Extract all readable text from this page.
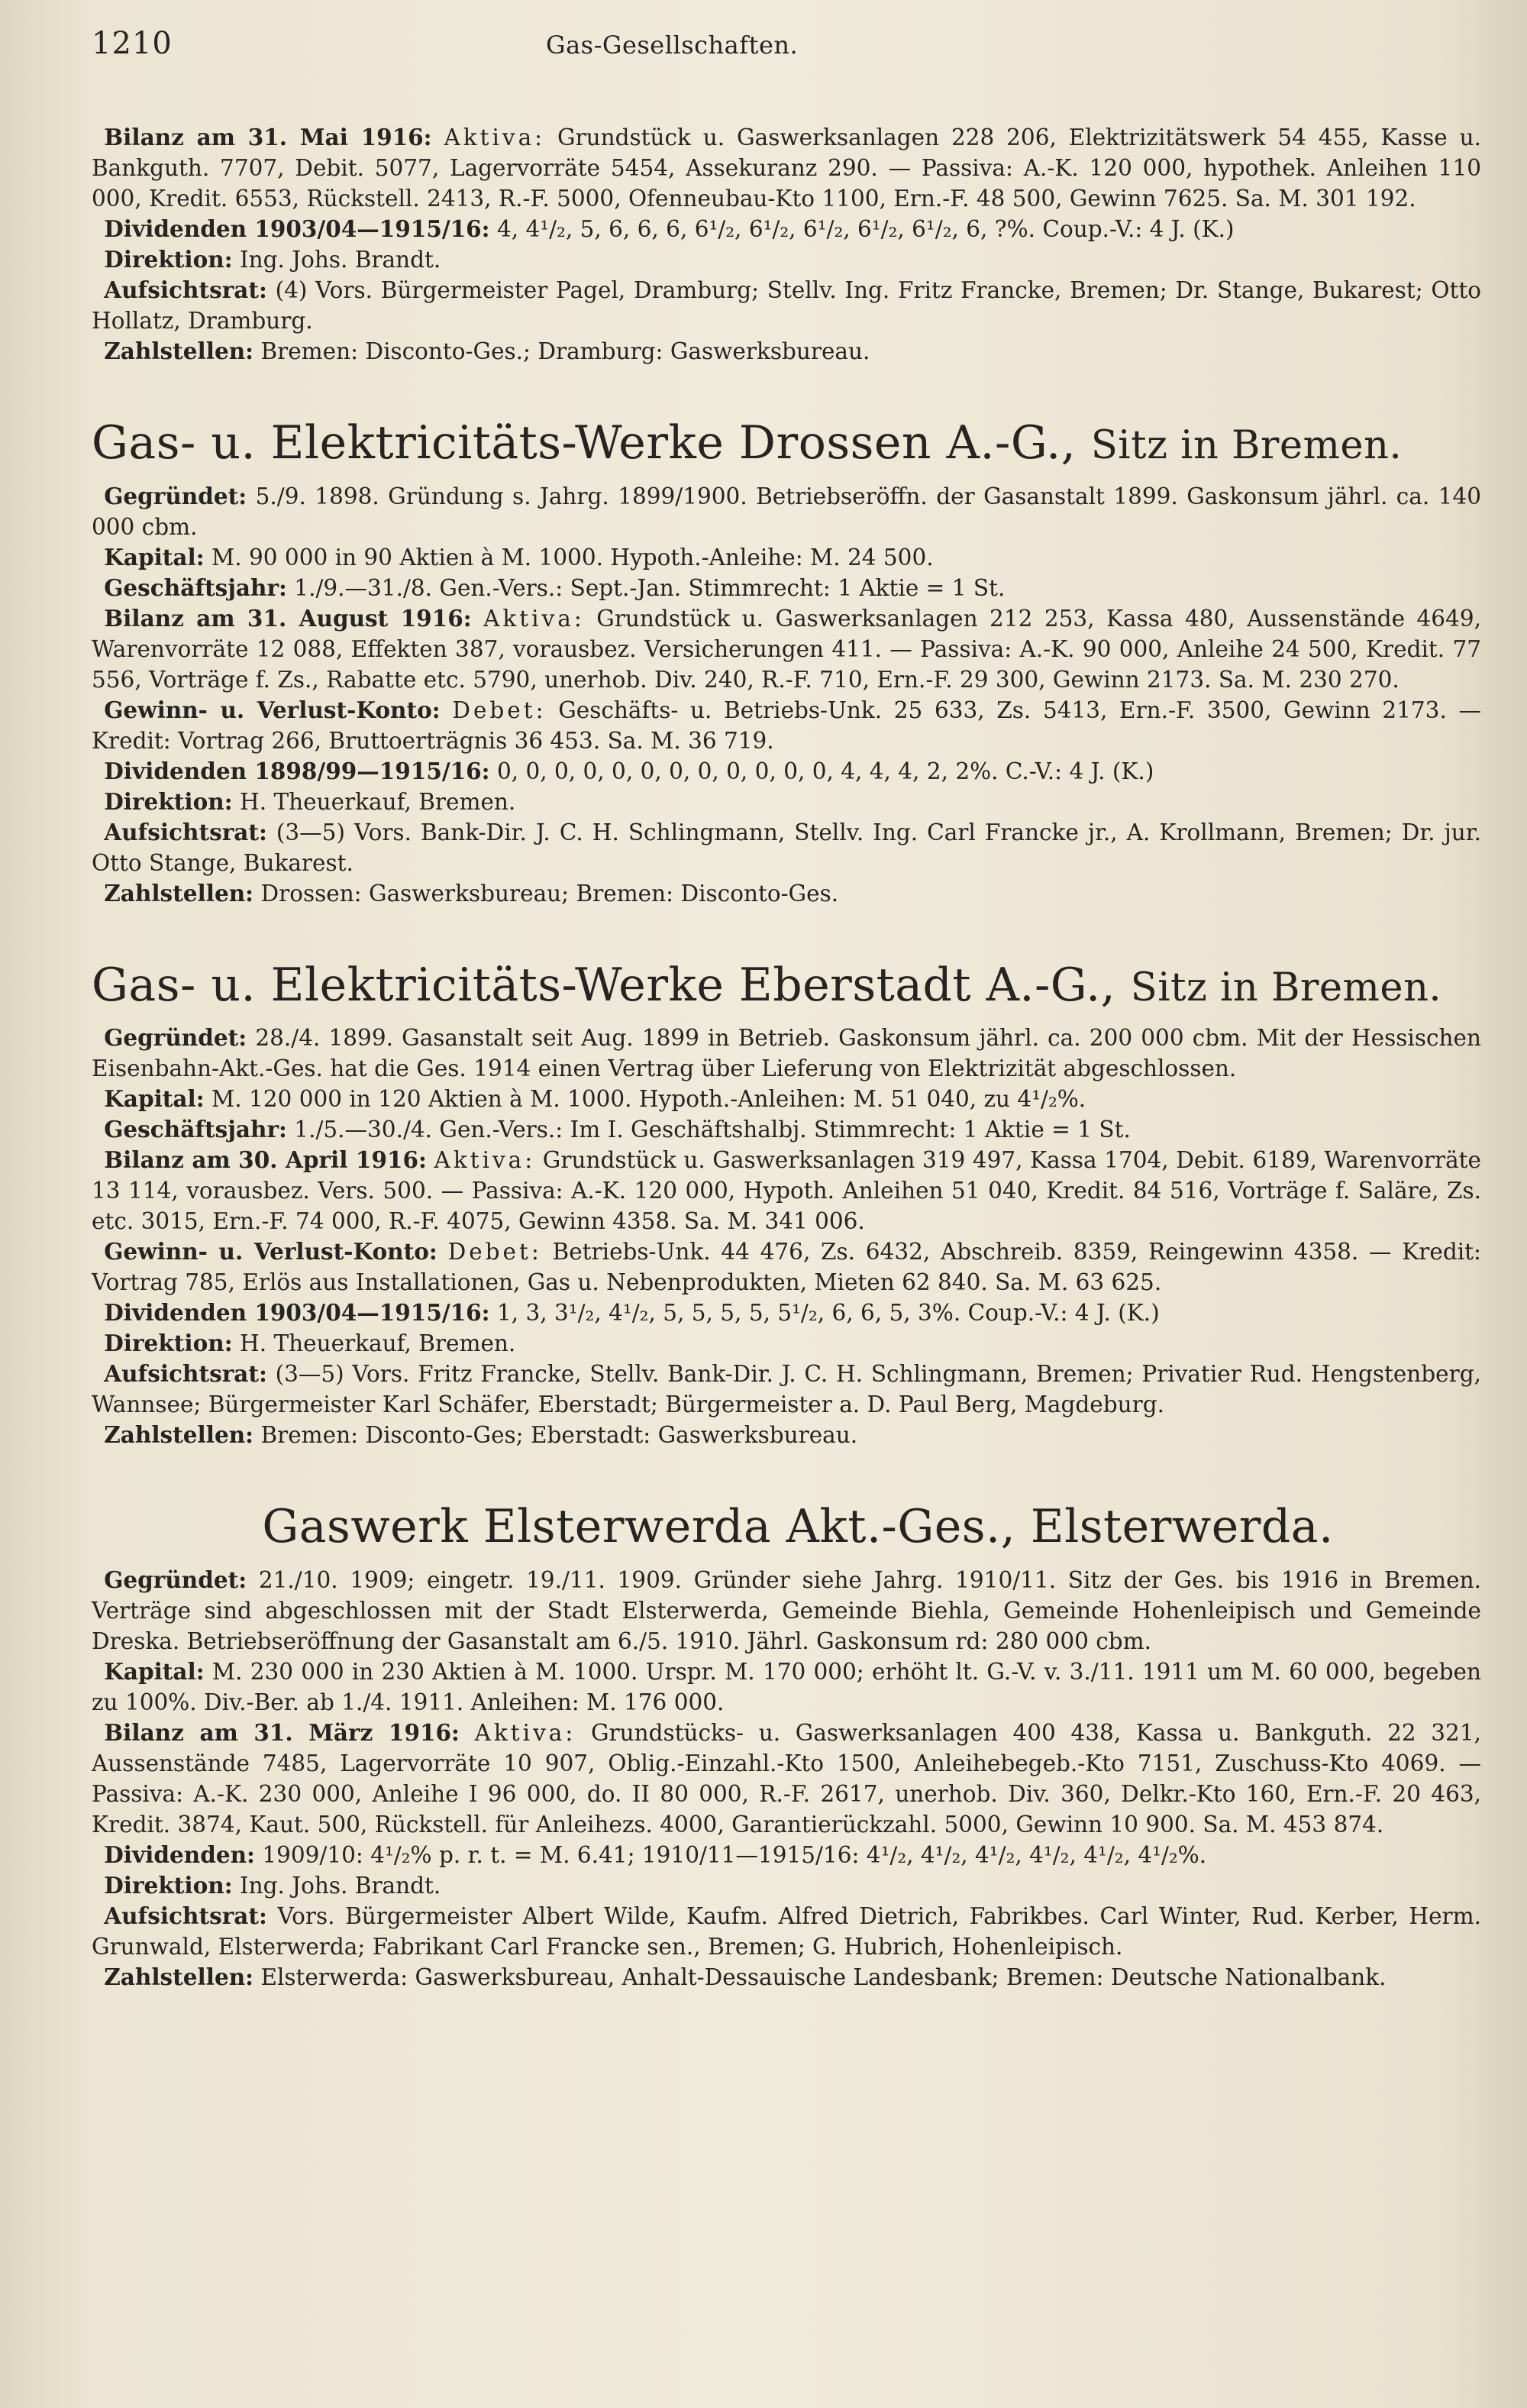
1210	Gas-Gesellschaften.

Bilanz am 31. Mai 1916: Aktiva: Grundstück u. Gaswerksanlagen 228 206, Elektrizitätswerk 54 455, Kasse u. Bankguth. 7707, Debit. 5077, Lagervorräte 5454, Assekuranz 290. — Passiva: A.-K. 120 000, hypothek. Anleihen 110 000, Kredit. 6553, Rückstell. 2413, R.-F. 5000, Ofenneubau-Kto 1100, Ern.-F. 48 500, Gewinn 7625. Sa. M. 301 192.

Dividenden 1903/04—1915/16: 4, 4¹/₂, 5, 6, 6, 6, 6¹/₂, 6¹/₂, 6¹/₂, 6¹/₂, 6¹/₂, 6, ?%. Coup.-V.: 4 J. (K.)

Direktion: Ing. Johs. Brandt.

Aufsichtsrat: (4) Vors. Bürgermeister Pagel, Dramburg; Stellv. Ing. Fritz Francke, Bremen; Dr. Stange, Bukarest; Otto Hollatz, Dramburg.

Zahlstellen: Bremen: Disconto-Ges.; Dramburg: Gaswerksbureau.

Gas- u. Elektricitäts-Werke Drossen A.-G., Sitz in Bremen.

Gegründet: 5./9. 1898. Gründung s. Jahrg. 1899/1900. Betriebseröffn. der Gasanstalt 1899. Gaskonsum jährl. ca. 140 000 cbm.

Kapital: M. 90 000 in 90 Aktien à M. 1000. Hypoth.-Anleihe: M. 24 500.

Geschäftsjahr: 1./9.—31./8. Gen.-Vers.: Sept.-Jan. Stimmrecht: 1 Aktie = 1 St.

Bilanz am 31. August 1916: Aktiva: Grundstück u. Gaswerksanlagen 212 253, Kassa 480, Aussenstände 4649, Warenvorräte 12 088, Effekten 387, vorausbez. Versicherungen 411. — Passiva: A.-K. 90 000, Anleihe 24 500, Kredit. 77 556, Vorträge f. Zs., Rabatte etc. 5790, unerhob. Div. 240, R.-F. 710, Ern.-F. 29 300, Gewinn 2173. Sa. M. 230 270.

Gewinn- u. Verlust-Konto: Debet: Geschäfts- u. Betriebs-Unk. 25 633, Zs. 5413, Ern.-F. 3500, Gewinn 2173. — Kredit: Vortrag 266, Bruttoerträgnis 36 453. Sa. M. 36 719.

Dividenden 1898/99—1915/16: 0, 0, 0, 0, 0, 0, 0, 0, 0, 0, 0, 0, 4, 4, 4, 2, 2%. C.-V.: 4 J. (K.)

Direktion: H. Theuerkauf, Bremen.

Aufsichtsrat: (3—5) Vors. Bank-Dir. J. C. H. Schlingmann, Stellv. Ing. Carl Francke jr., A. Krollmann, Bremen; Dr. jur. Otto Stange, Bukarest.

Zahlstellen: Drossen: Gaswerksbureau; Bremen: Disconto-Ges.

Gas- u. Elektricitäts-Werke Eberstadt A.-G., Sitz in Bremen.

Gegründet: 28./4. 1899. Gasanstalt seit Aug. 1899 in Betrieb. Gaskonsum jährl. ca. 200 000 cbm. Mit der Hessischen Eisenbahn-Akt.-Ges. hat die Ges. 1914 einen Vertrag über Lieferung von Elektrizität abgeschlossen.

Kapital: M. 120 000 in 120 Aktien à M. 1000. Hypoth.-Anleihen: M. 51 040, zu 4¹/₂%.

Geschäftsjahr: 1./5.—30./4. Gen.-Vers.: Im I. Geschäftshalbj. Stimmrecht: 1 Aktie = 1 St.

Bilanz am 30. April 1916: Aktiva: Grundstück u. Gaswerksanlagen 319 497, Kassa 1704, Debit. 6189, Warenvorräte 13 114, vorausbez. Vers. 500. — Passiva: A.-K. 120 000, Hypoth. Anleihen 51 040, Kredit. 84 516, Vorträge f. Saläre, Zs. etc. 3015, Ern.-F. 74 000, R.-F. 4075, Gewinn 4358. Sa. M. 341 006.

Gewinn- u. Verlust-Konto: Debet: Betriebs-Unk. 44 476, Zs. 6432, Abschreib. 8359, Reingewinn 4358. — Kredit: Vortrag 785, Erlös aus Installationen, Gas u. Nebenprodukten, Mieten 62 840. Sa. M. 63 625.

Dividenden 1903/04—1915/16: 1, 3, 3¹/₂, 4¹/₂, 5, 5, 5, 5, 5¹/₂, 6, 6, 5, 3%. Coup.-V.: 4 J. (K.)

Direktion: H. Theuerkauf, Bremen.

Aufsichtsrat: (3—5) Vors. Fritz Francke, Stellv. Bank-Dir. J. C. H. Schlingmann, Bremen; Privatier Rud. Hengstenberg, Wannsee; Bürgermeister Karl Schäfer, Eberstadt; Bürgermeister a. D. Paul Berg, Magdeburg.

Zahlstellen: Bremen: Disconto-Ges; Eberstadt: Gaswerksbureau.

Gaswerk Elsterwerda Akt.-Ges., Elsterwerda.

Gegründet: 21./10. 1909; eingetr. 19./11. 1909. Gründer siehe Jahrg. 1910/11. Sitz der Ges. bis 1916 in Bremen. Verträge sind abgeschlossen mit der Stadt Elsterwerda, Gemeinde Biehla, Gemeinde Hohenleipisch und Gemeinde Dreska. Betriebseröffnung der Gasanstalt am 6./5. 1910. Jährl. Gaskonsum rd: 280 000 cbm.

Kapital: M. 230 000 in 230 Aktien à M. 1000. Urspr. M. 170 000; erhöht lt. G.-V. v. 3./11. 1911 um M. 60 000, begeben zu 100%. Div.-Ber. ab 1./4. 1911. Anleihen: M. 176 000.

Bilanz am 31. März 1916: Aktiva: Grundstücks- u. Gaswerksanlagen 400 438, Kassa u. Bankguth. 22 321, Aussenstände 7485, Lagervorräte 10 907, Oblig.-Einzahl.-Kto 1500, Anleihebegeb.-Kto 7151, Zuschuss-Kto 4069. — Passiva: A.-K. 230 000, Anleihe I 96 000, do. II 80 000, R.-F. 2617, unerhob. Div. 360, Delkr.-Kto 160, Ern.-F. 20 463, Kredit. 3874, Kaut. 500, Rückstell. für Anleihezs. 4000, Garantierückzahl. 5000, Gewinn 10 900. Sa. M. 453 874.

Dividenden: 1909/10: 4¹/₂% p. r. t. = M. 6.41; 1910/11—1915/16: 4¹/₂, 4¹/₂, 4¹/₂, 4¹/₂, 4¹/₂, 4¹/₂%.

Direktion: Ing. Johs. Brandt.

Aufsichtsrat: Vors. Bürgermeister Albert Wilde, Kaufm. Alfred Dietrich, Fabrikbes. Carl Winter, Rud. Kerber, Herm. Grunwald, Elsterwerda; Fabrikant Carl Francke sen., Bremen; G. Hubrich, Hohenleipisch.

Zahlstellen: Elsterwerda: Gaswerksbureau, Anhalt-Dessauische Landesbank; Bremen: Deutsche Nationalbank.
